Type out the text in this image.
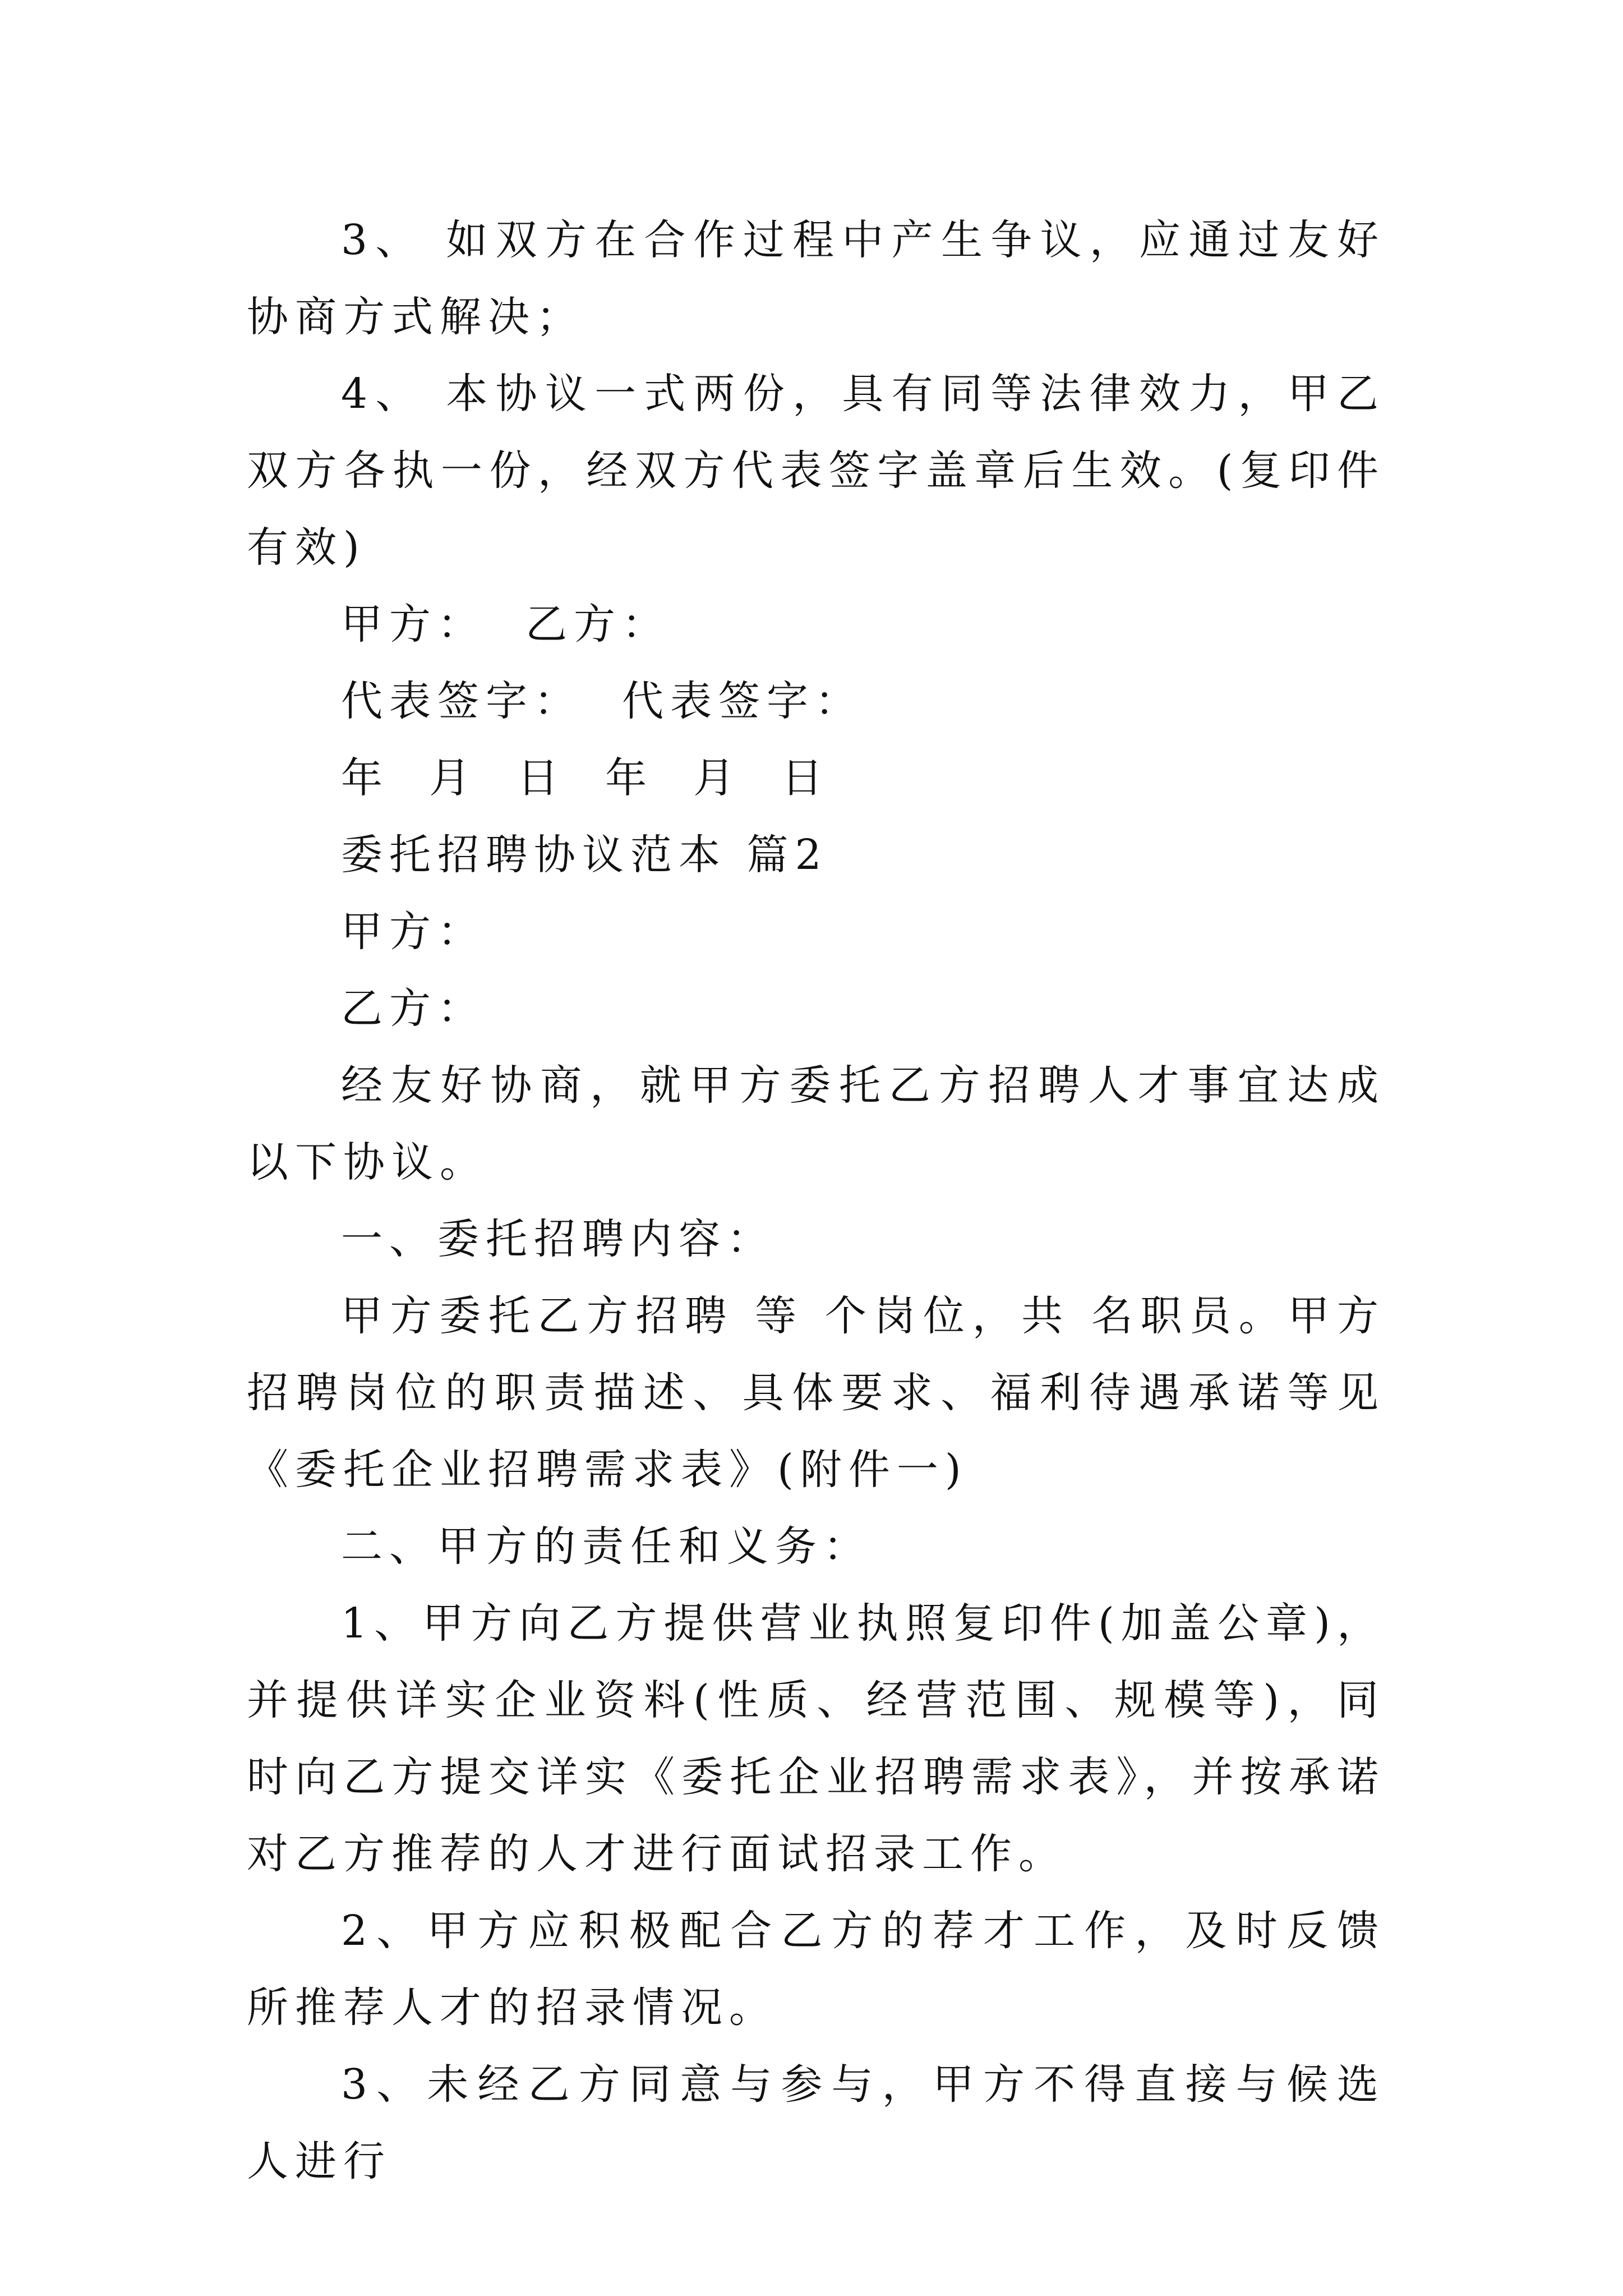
3、 如双方在合作过程中产生争议，应通过友好协商方式解决；

4、 本协议一式两份，具有同等法律效力，甲乙双方各执一份，经双方代表签字盖章后生效。(复印件有效)

甲方：  乙方：

代表签字：  代表签字：

年  月  日  年  月  日

委托招聘协议范本 篇2

甲方：

乙方：

经友好协商，就甲方委托乙方招聘人才事宜达成以下协议。

一、委托招聘内容：

甲方委托乙方招聘 等 个岗位，共 名职员。甲方招聘岗位的职责描述、具体要求、福利待遇承诺等见《委托企业招聘需求表》(附件一)

二、甲方的责任和义务：

1、甲方向乙方提供营业执照复印件(加盖公章)，并提供详实企业资料(性质、经营范围、规模等)，同时向乙方提交详实《委托企业招聘需求表》，并按承诺对乙方推荐的人才进行面试招录工作。

2、甲方应积极配合乙方的荐才工作，及时反馈所推荐人才的招录情况。

3、未经乙方同意与参与，甲方不得直接与候选人进行
